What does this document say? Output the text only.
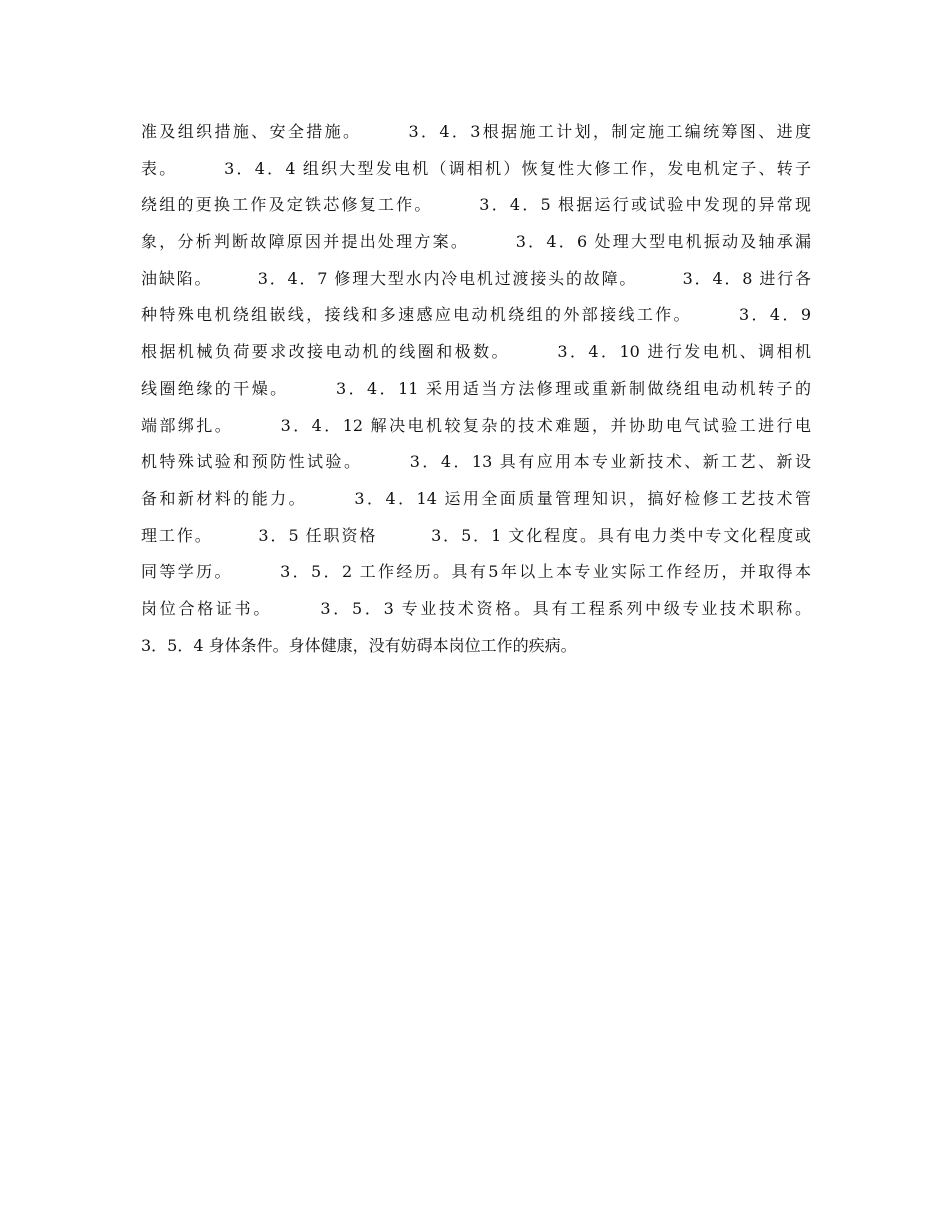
准及组织措施、安全措施。　　　3．4．3根据施工计划，制定施工编统筹图、进度
表。　　　3．4．4 组织大型发电机（调相机）恢复性大修工作，发电机定子、转子
绕组的更换工作及定铁芯修复工作。　　　3．4．5 根据运行或试验中发现的异常现
象，分析判断故障原因并提出处理方案。　　　3．4．6 处理大型电机振动及轴承漏
油缺陷。　　　3．4．7 修理大型水内冷电机过渡接头的故障。　　　3．4．8 进行各
种特殊电机绕组嵌线，接线和多速感应电动机绕组的外部接线工作。　　　3．4．9
根据机械负荷要求改接电动机的线圈和极数。　　　3．4．10 进行发电机、调相机
线圈绝缘的干燥。　　　3．4．11 采用适当方法修理或重新制做绕组电动机转子的
端部绑扎。　　　3．4．12 解决电机较复杂的技术难题，并协助电气试验工进行电
机特殊试验和预防性试验。　　　3．4．13 具有应用本专业新技术、新工艺、新设
备和新材料的能力。　　　3．4．14 运用全面质量管理知识，搞好检修工艺技术管
理工作。　　　3．5 任职资格　　　3．5．1 文化程度。具有电力类中专文化程度或
同等学历。　　　3．5．2 工作经历。具有5年以上本专业实际工作经历，并取得本
岗位合格证书。　　　3．5．3 专业技术资格。具有工程系列中级专业技术职称。
3．5．4 身体条件。身体健康，没有妨碍本岗位工作的疾病。
